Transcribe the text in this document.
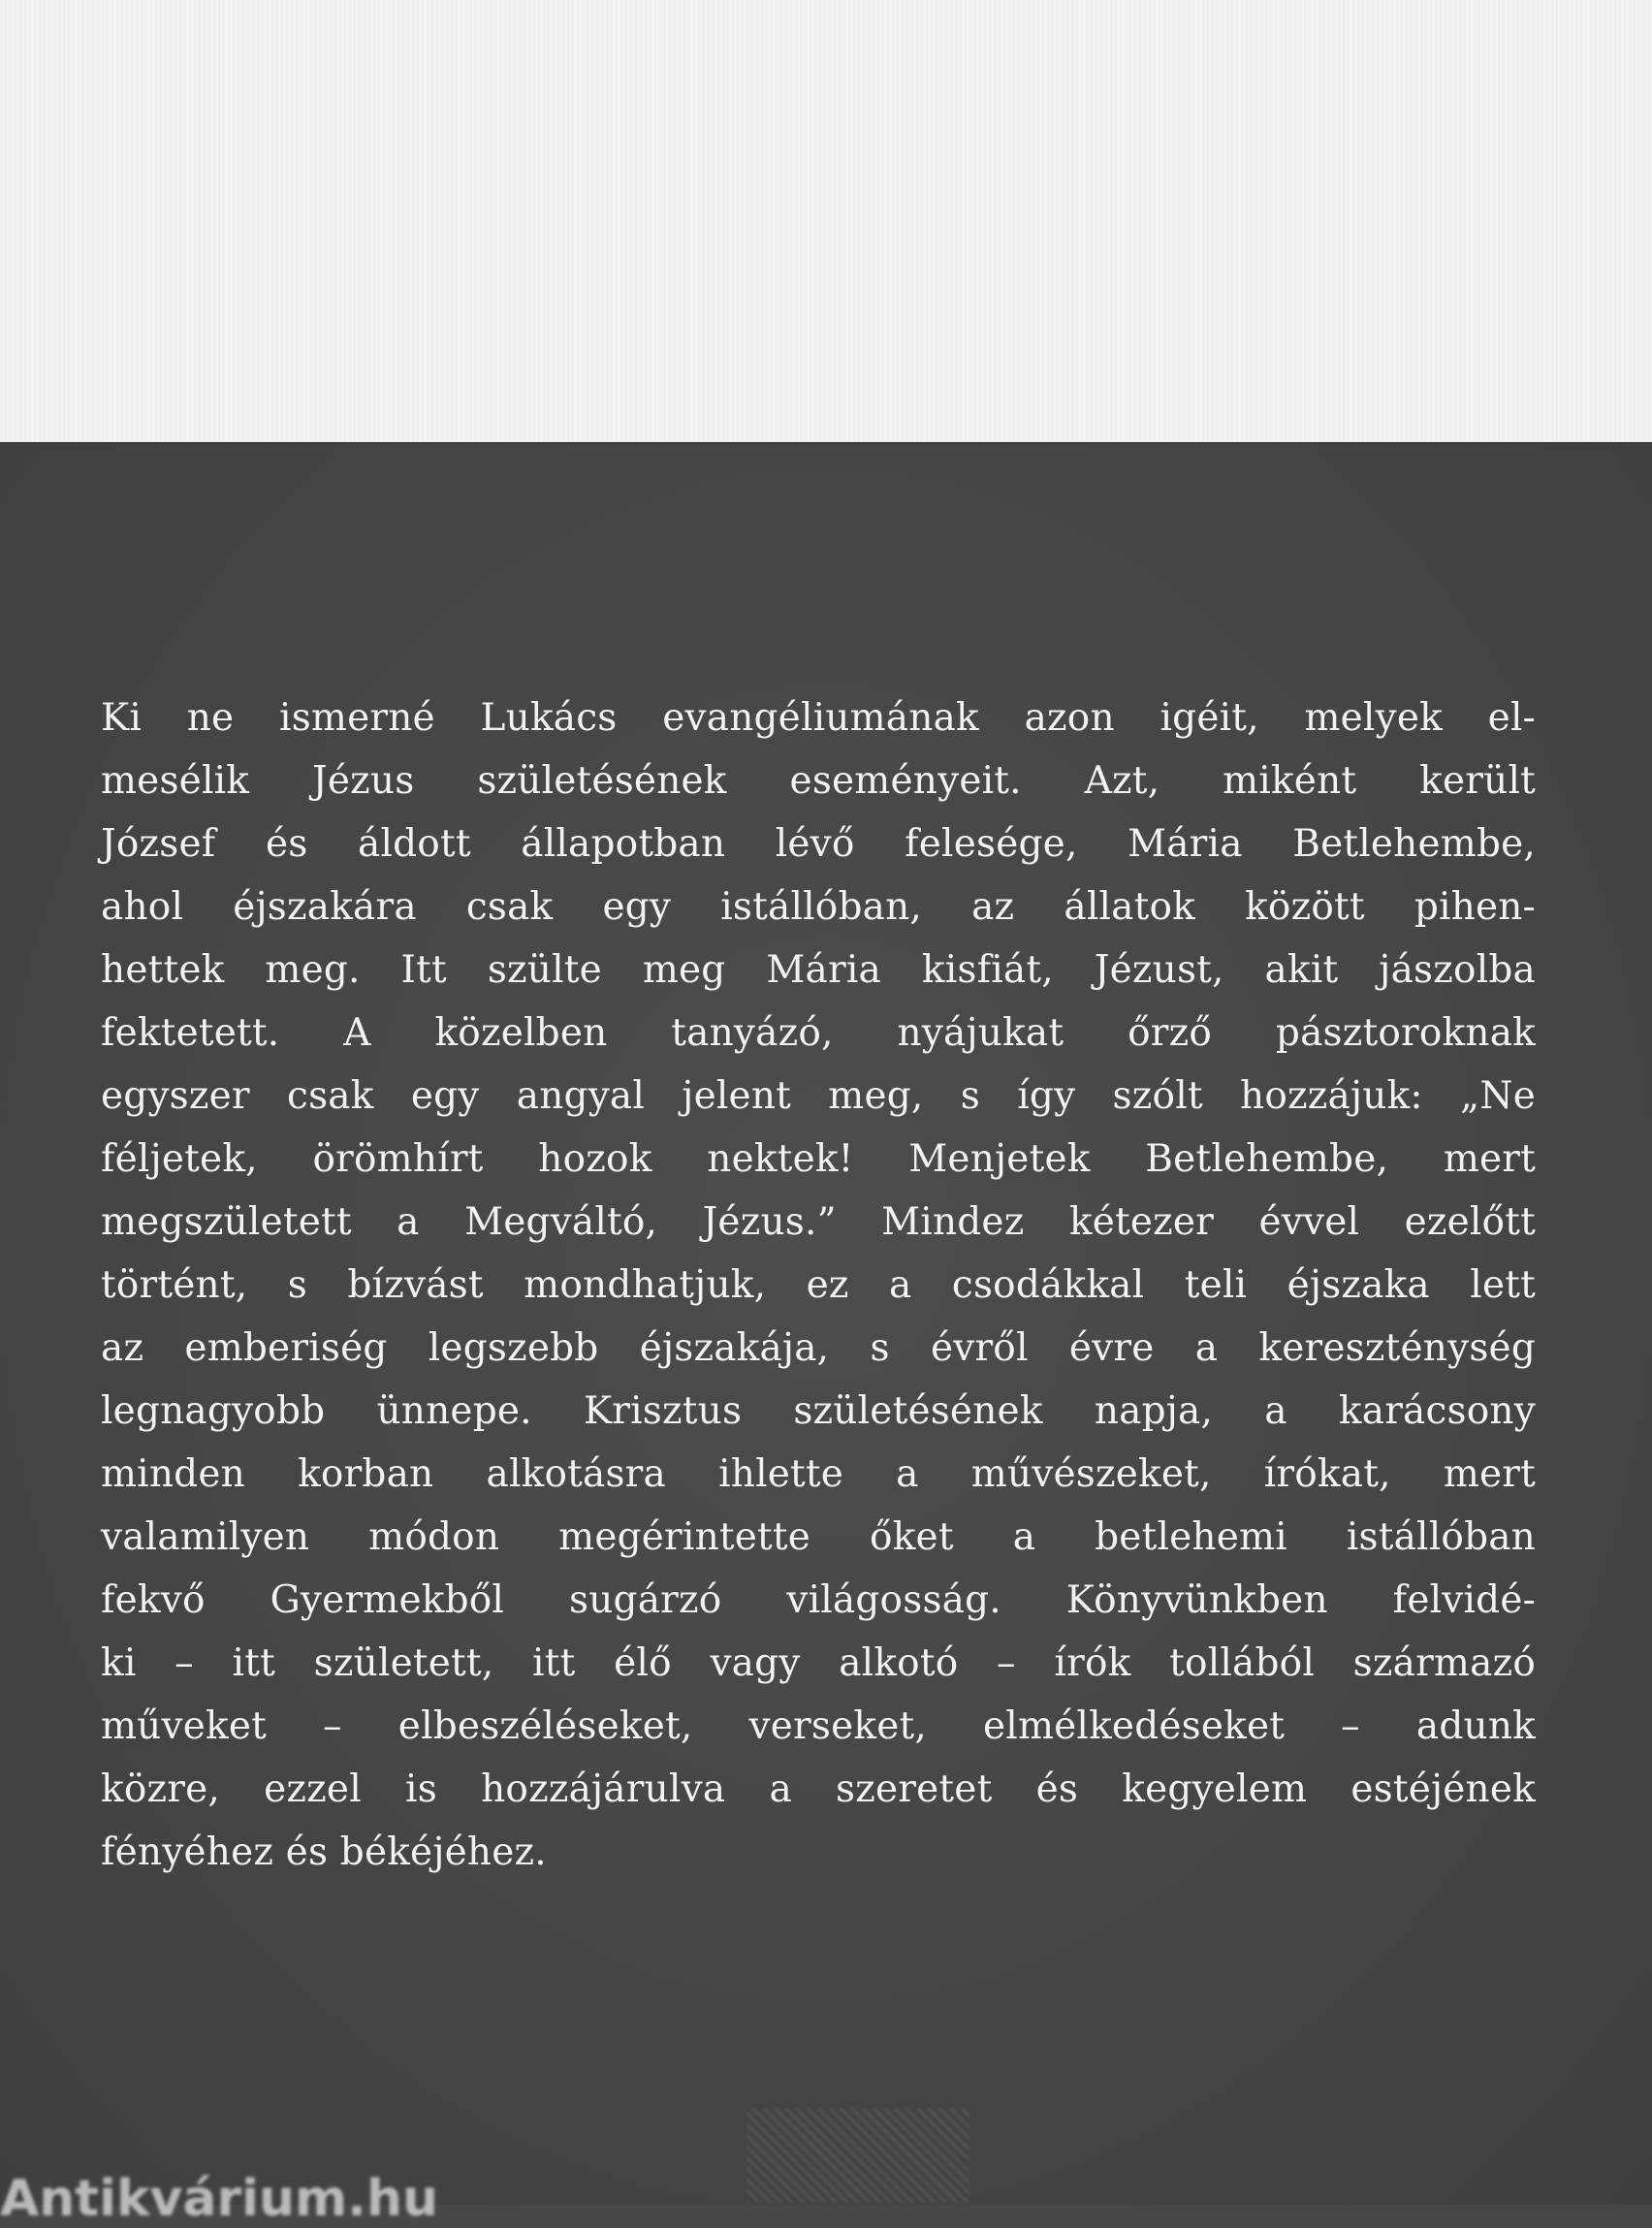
Ki ne ismerné Lukács evangéliumának azon igéit, melyek el-
mesélik Jézus születésének eseményeit. Azt, miként került
József és áldott állapotban lévő felesége, Mária Betlehembe,
ahol éjszakára csak egy istállóban, az állatok között pihen-
hettek meg. Itt szülte meg Mária kisfiát, Jézust, akit jászolba
fektetett. A közelben tanyázó, nyájukat őrző pásztoroknak
egyszer csak egy angyal jelent meg, s így szólt hozzájuk: „Ne
féljetek, örömhírt hozok nektek! Menjetek Betlehembe, mert
megszületett a Megváltó, Jézus.” Mindez kétezer évvel ezelőtt
történt, s bízvást mondhatjuk, ez a csodákkal teli éjszaka lett
az emberiség legszebb éjszakája, s évről évre a kereszténység
legnagyobb ünnepe. Krisztus születésének napja, a karácsony
minden korban alkotásra ihlette a művészeket, írókat, mert
valamilyen módon megérintette őket a betlehemi istállóban
fekvő Gyermekből sugárzó világosság. Könyvünkben felvidé-
ki – itt született, itt élő vagy alkotó – írók tollából származó
műveket – elbeszéléseket, verseket, elmélkedéseket – adunk
közre, ezzel is hozzájárulva a szeretet és kegyelem estéjének
fényéhez és békéjéhez.
Antikvárium.hu
